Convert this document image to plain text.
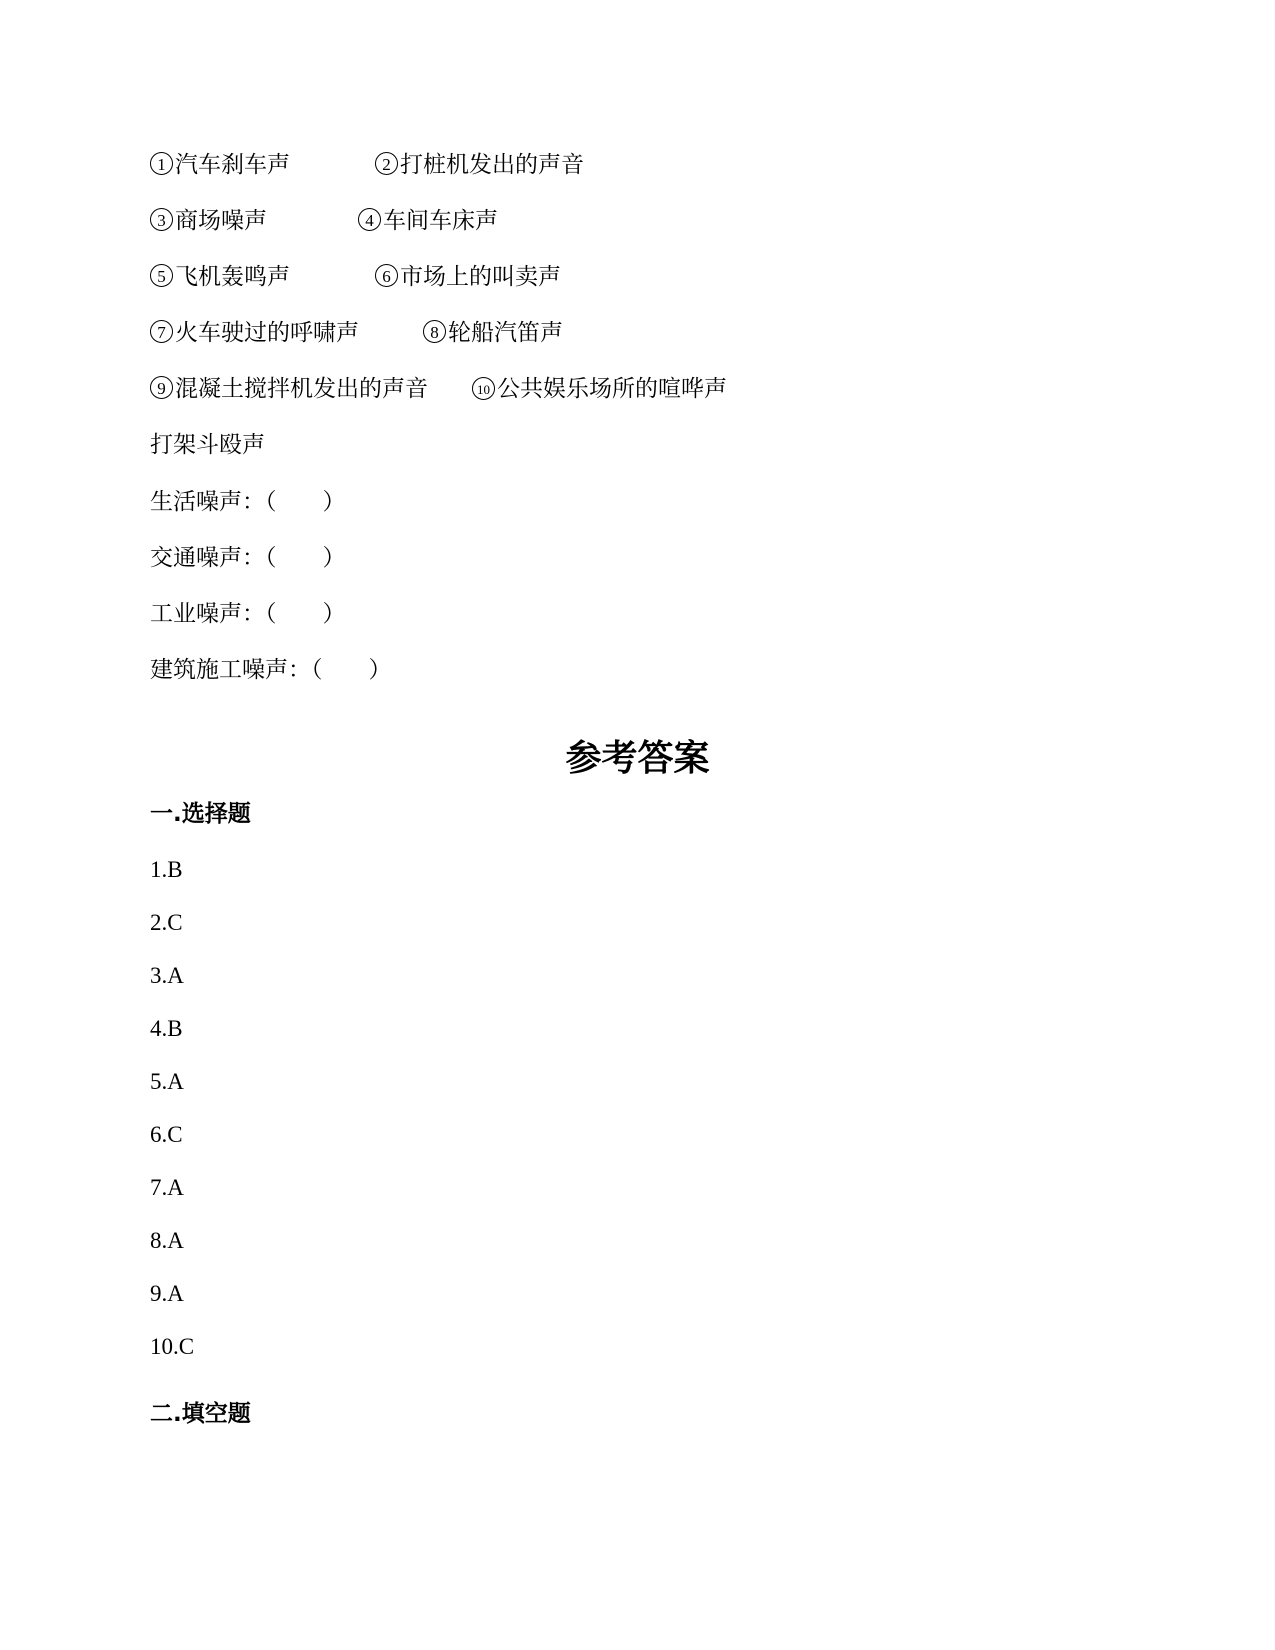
1 汽车刹车声	2 打桩机发出的声音
3 商场噪声	4 车间车床声
5 飞机轰鸣声	6 市场上的叫卖声
7 火车驶过的呼啸声	8 轮船汽笛声
9 混凝土搅拌机发出的声音	10 公共娱乐场所的喧哗声
打架斗殴声
生活噪声：（　　）
交通噪声：（　　）
工业噪声：（　　）
建筑施工噪声：（　　）
参考答案
一.选择题
1.B
2.C
3.A
4.B
5.A
6.C
7.A
8.A
9.A
10.C
二.填空题
